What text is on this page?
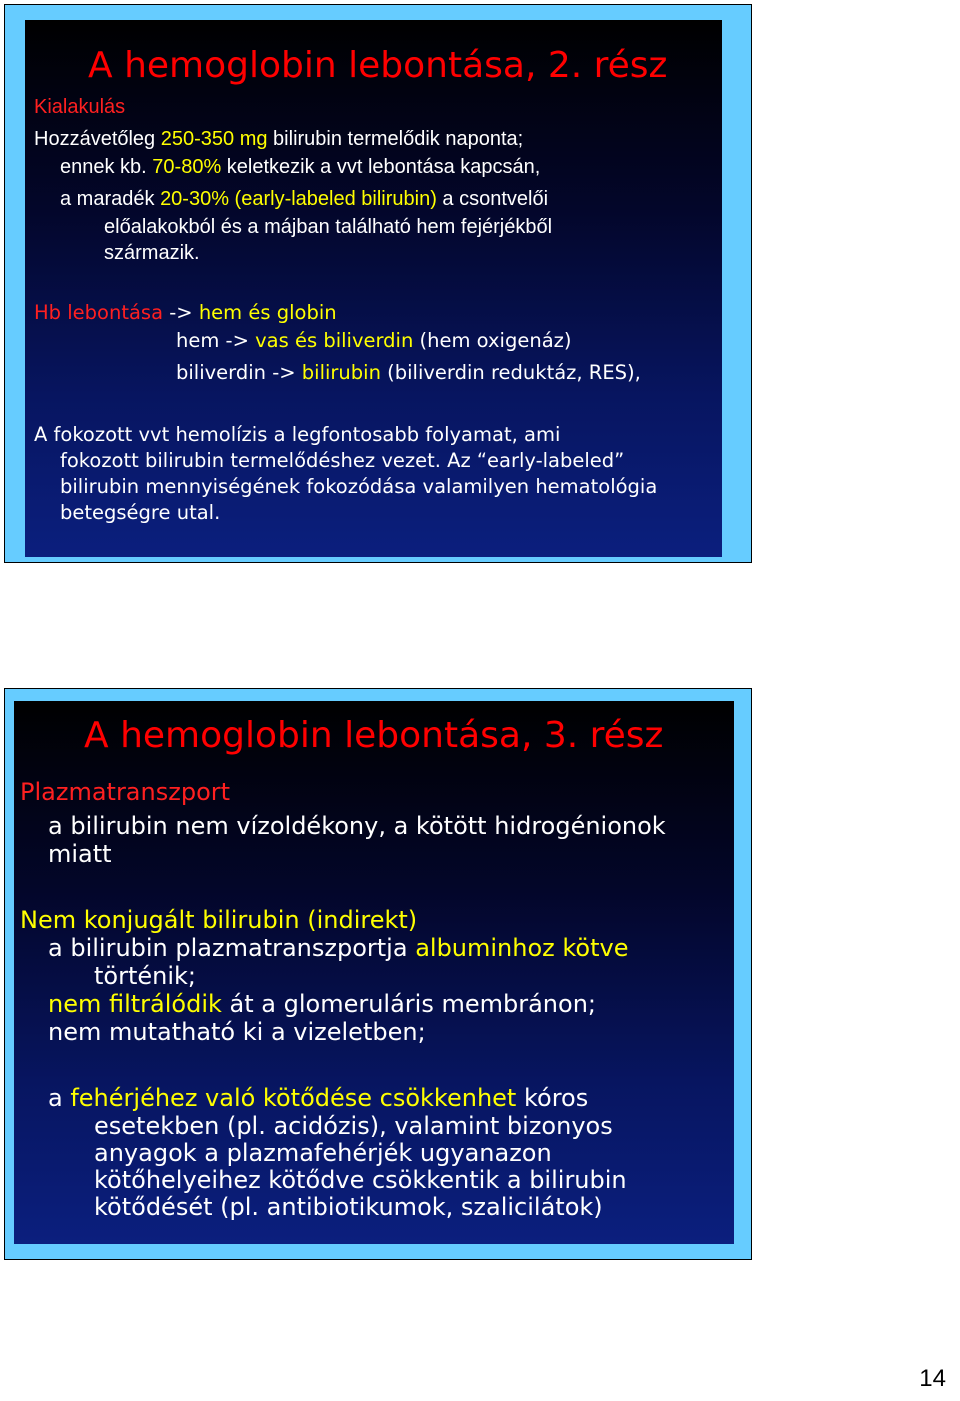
A hemoglobin lebontása, 2. rész
Kialakulás
Hozzávetőleg 250-350 mg bilirubin termelődik naponta;
ennek kb. 70-80% keletkezik a vvt lebontása kapcsán,
a maradék 20-30% (early-labeled bilirubin) a csontvelői
előalakokból és a májban található hem fejérjékből
származik.
Hb lebontása -> hem és globin
hem -> vas és biliverdin (hem oxigenáz)
biliverdin -> bilirubin (biliverdin reduktáz, RES),
A fokozott vvt hemolízis a legfontosabb folyamat, ami
fokozott bilirubin termelődéshez vezet. Az “early-labeled”
bilirubin mennyiségének fokozódása valamilyen hematológia
betegségre utal.
A hemoglobin lebontása, 3. rész
Plazmatranszport
a bilirubin nem vízoldékony, a kötött hidrogénionok
miatt
Nem konjugált bilirubin (indirekt)
a bilirubin plazmatranszportja albuminhoz kötve
történik;
nem filtrálódik át a glomeruláris membránon;
nem mutatható ki a vizeletben;
a fehérjéhez való kötődése csökkenhet kóros
esetekben (pl. acidózis), valamint bizonyos
anyagok a plazmafehérjék ugyanazon
kötőhelyeihez kötődve csökkentik a bilirubin
kötődését (pl. antibiotikumok, szalicilátok)
14
